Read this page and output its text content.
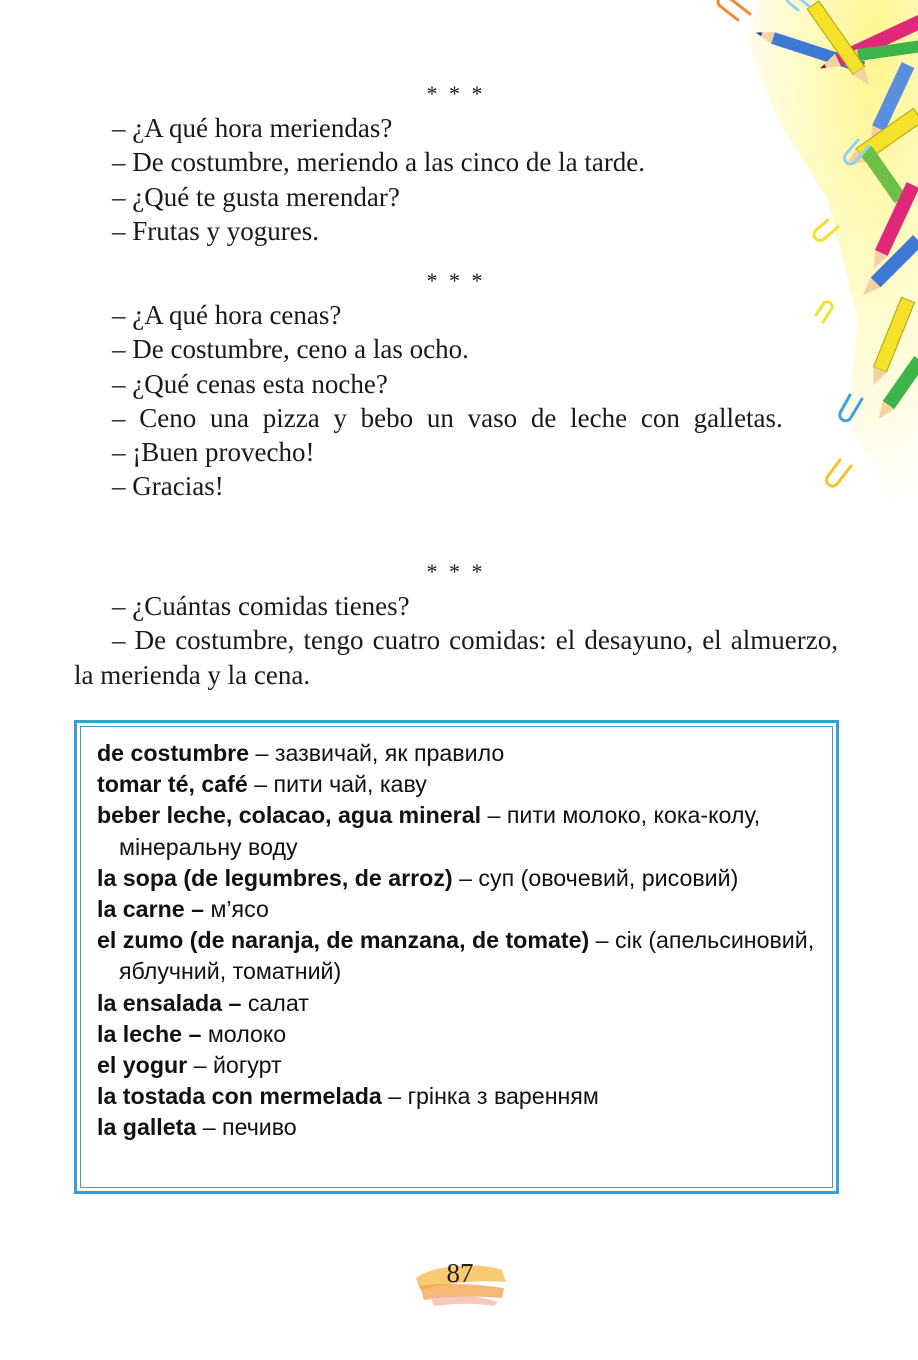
* * *
– ¿A qué hora meriendas?
– De costumbre, meriendo a las cinco de la tarde.
– ¿Qué te gusta merendar?
– Frutas y yogures.
* * *
– ¿A qué hora cenas?
– De costumbre, ceno a las ocho.
– ¿Qué cenas esta noche?
– Ceno una pizza y bebo un vaso de leche con galletas.
– ¡Buen provecho!
– Gracias!
* * *
– ¿Cuántas comidas tienes?
– De costumbre, tengo cuatro comidas: el desayuno, el almuerzo, la merienda y la cena.
de costumbre – зазвичай, як правило
tomar té, café – пити чай, каву
beber leche, colacao, agua mineral – пити молоко, кока-колу, мінеральну воду
la sopa (de legumbres, de arroz) – суп (овочевий, рисовий)
la carne – м’ясо
el zumo (de naranja, de manzana, de tomate) – сік (апельсиновий, яблучний, томатний)
la ensalada – салат
la leche – молоко
el yogur – йогурт
la tostada con mermelada – грінка з варенням
la galleta – печиво
87
